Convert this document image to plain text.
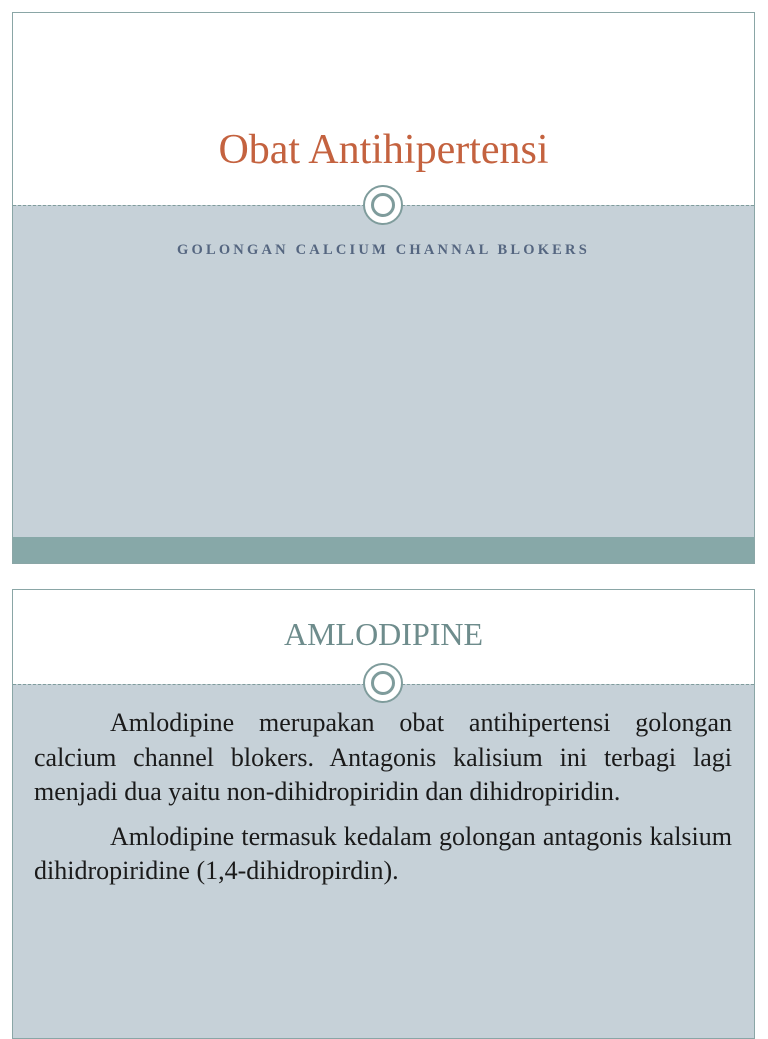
Obat Antihipertensi
GOLONGAN CALCIUM CHANNAL BLOKERS
AMLODIPINE

Amlodipine merupakan obat antihipertensi golongan calcium channel blokers. Antagonis kalisium ini terbagi lagi menjadi dua yaitu non-dihidropiridin dan dihidropiridin.

Amlodipine termasuk kedalam golongan antagonis kalsium dihidropiridine (1,4-dihidropirdin).
